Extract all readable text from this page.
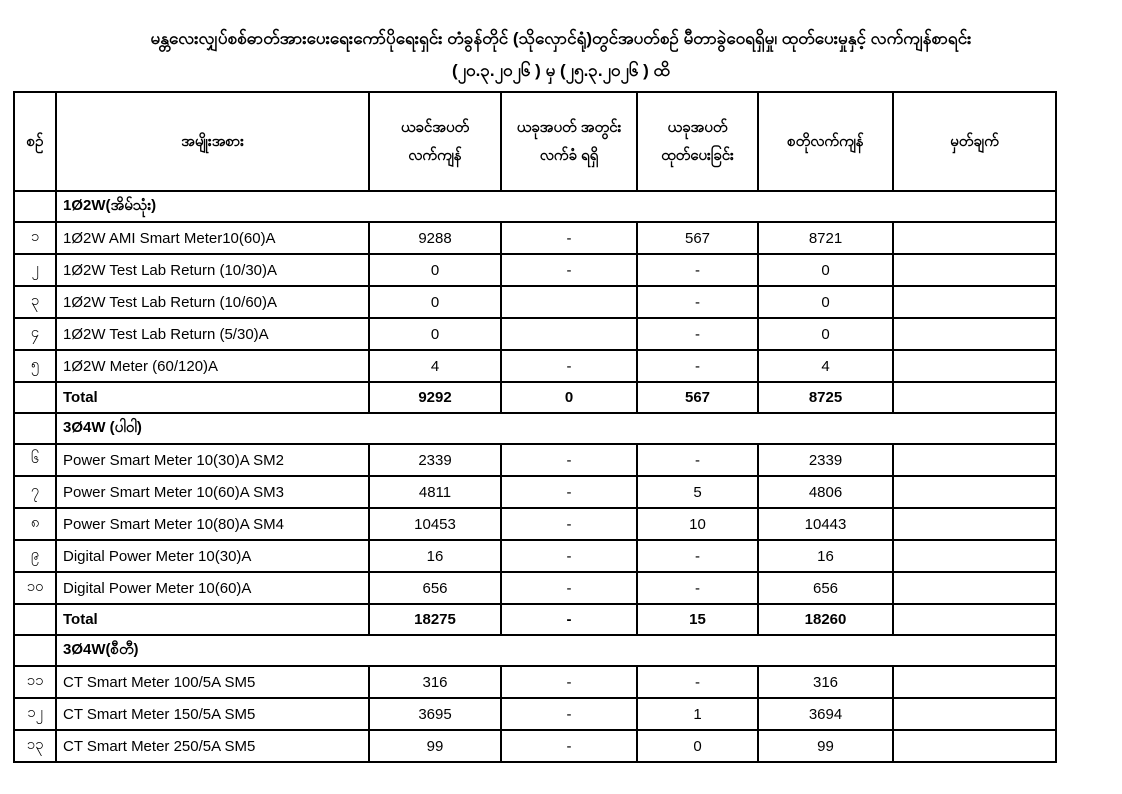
မန္တလေးလျှပ်စစ်ဓာတ်အားပေးရေးကော်ပိုရေးရှင်း တံခွန်တိုင် (သိုလှောင်ရုံ)တွင်အပတ်စဉ် မီတာခွဲဝေရရှိမှု၊ ထုတ်ပေးမှုနှင့် လက်ကျန်စာရင်း
(၂၀.၃.၂၀၂၆ ) မှ (၂၅.၃.၂၀၂၆ ) ထိ
စဉ်	အမျိုးအစား	ယခင်အပတ် လက်ကျန်	ယခုအပတ် အတွင်းလက်ခံ ရရှိ	ယခုအပတ် ထုတ်ပေးခြင်း	စတိုလက်ကျန်	မှတ်ချက်
	1Ø2W(အိမ်သုံး)					
၁	1Ø2W AMI Smart Meter10(60)A	9288	-	567	8721	
၂	1Ø2W Test Lab Return (10/30)A	0	-	-	0	
၃	1Ø2W Test Lab Return (10/60)A	0		-	0	
၄	1Ø2W Test Lab Return (5/30)A	0		-	0	
၅	1Ø2W Meter (60/120)A	4	-	-	4	
	Total	9292	0	567	8725	
	3Ø4W (ပါဝါ)					
၆	Power Smart Meter 10(30)A SM2	2339	-	-	2339	
၇	Power Smart Meter 10(60)A SM3	4811	-	5	4806	
၈	Power Smart Meter 10(80)A SM4	10453	-	10	10443	
၉	Digital Power Meter 10(30)A	16	-	-	16	
၁၀	Digital Power Meter 10(60)A	656	-	-	656	
	Total	18275	-	15	18260	
	3Ø4W(စီတီ)					
၁၁	CT Smart Meter 100/5A SM5	316	-	-	316	
၁၂	CT Smart Meter 150/5A SM5	3695	-	1	3694	
၁၃	CT Smart Meter 250/5A SM5	99	-	0	99	
